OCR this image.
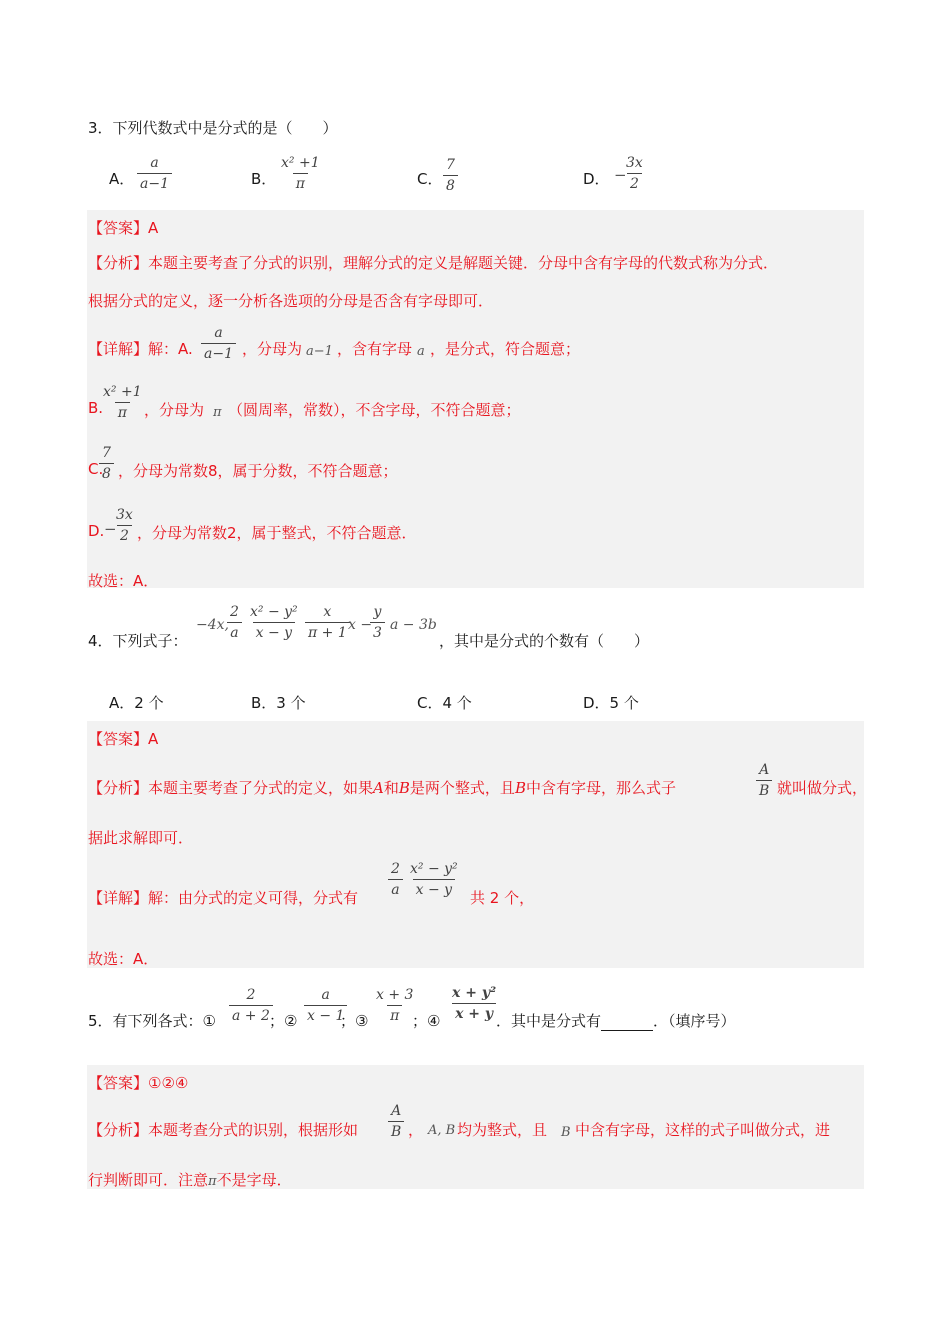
3．下列代数式中是分式的是（　　）
A． $\frac{a}{a-1}$	B． $\frac{\text{x² +1}}{\pi}$	C． $\frac{7}{8}$	D． −
$\frac{3x}{2}$
【答案】A
【分析】本题主要考查了分式的识别，理解分式的定义是解题关键．分母中含有字母的代数式称为分式．
根据分式的定义，逐一分析各选项的分母是否含有字母即可．
【详解】解：A. $\frac{a}{a-1}$ ，分母为 a−1 ，含有字母 a ，是分式，符合题意；
B.
$\frac{\text{x² +1}}{\pi}$ ，分母为 π （圆周率，常数），不含字母，不符合题意；
C.
$\frac{7}{8}$ ，分母为常数8，属于分数，不符合题意；
D. −
$\frac{3x}{2}$ ，分母为常数2，属于整式，不符合题意．
故选：A．
4．下列式子：
−4x,
$\frac{2}{a} \frac{\text{x² − y²}}{x - y} \frac{x}{\pi + 1}$
x −
$\frac{y}{3}$ a − 3b
，其中是分式的个数有（　　）
A．2 个	B．3 个	C．4 个	D．5 个
【答案】A
【分析】本题主要考查了分式的定义，如果A和B是两个整式，且B中含有字母，那么式子	$\frac{A}{B}$ 就叫做分式，
据此求解即可．
【详解】解：由分式的定义可得，分式有
$\frac{2}{a} \frac{\text{x² − y²}}{x - y}$
共 2 个，
故选：A．
5．有下列各式：① $\frac{2}{a + 2}$
；② $\frac{a}{x - 1}$
；③ $\frac{x + 3}{\pi}$
；④ $\frac{\text{x + y²}}{x + y}$
．其中是分式有	．（填序号）
【答案】①②④
【分析】本题考查分式的识别，根据形如 $\frac{A}{B}$ ， A, B 均为整式，且 B 中含有字母，这样的式子叫做分式，进
行判断即可．注意π不是字母．
